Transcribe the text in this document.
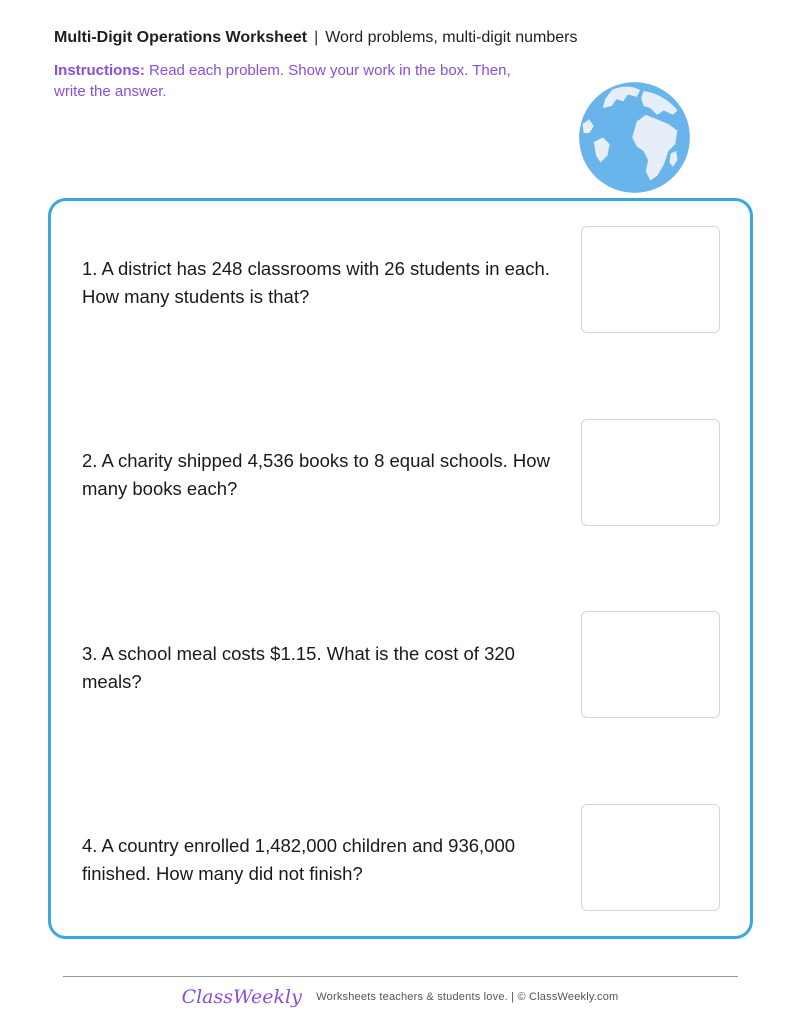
Multi-Digit Operations Worksheet | Word problems, multi-digit numbers
Instructions: Read each problem. Show your work in the box. Then, write the answer.
1. A district has 248 classrooms with 26 students in each. How many students is that?
2. A charity shipped 4,536 books to 8 equal schools. How many books each?
3. A school meal costs $1.15. What is the cost of 320 meals?
4. A country enrolled 1,482,000 children and 936,000 finished. How many did not finish?
ClassWeekly Worksheets teachers & students love. | © ClassWeekly.com
